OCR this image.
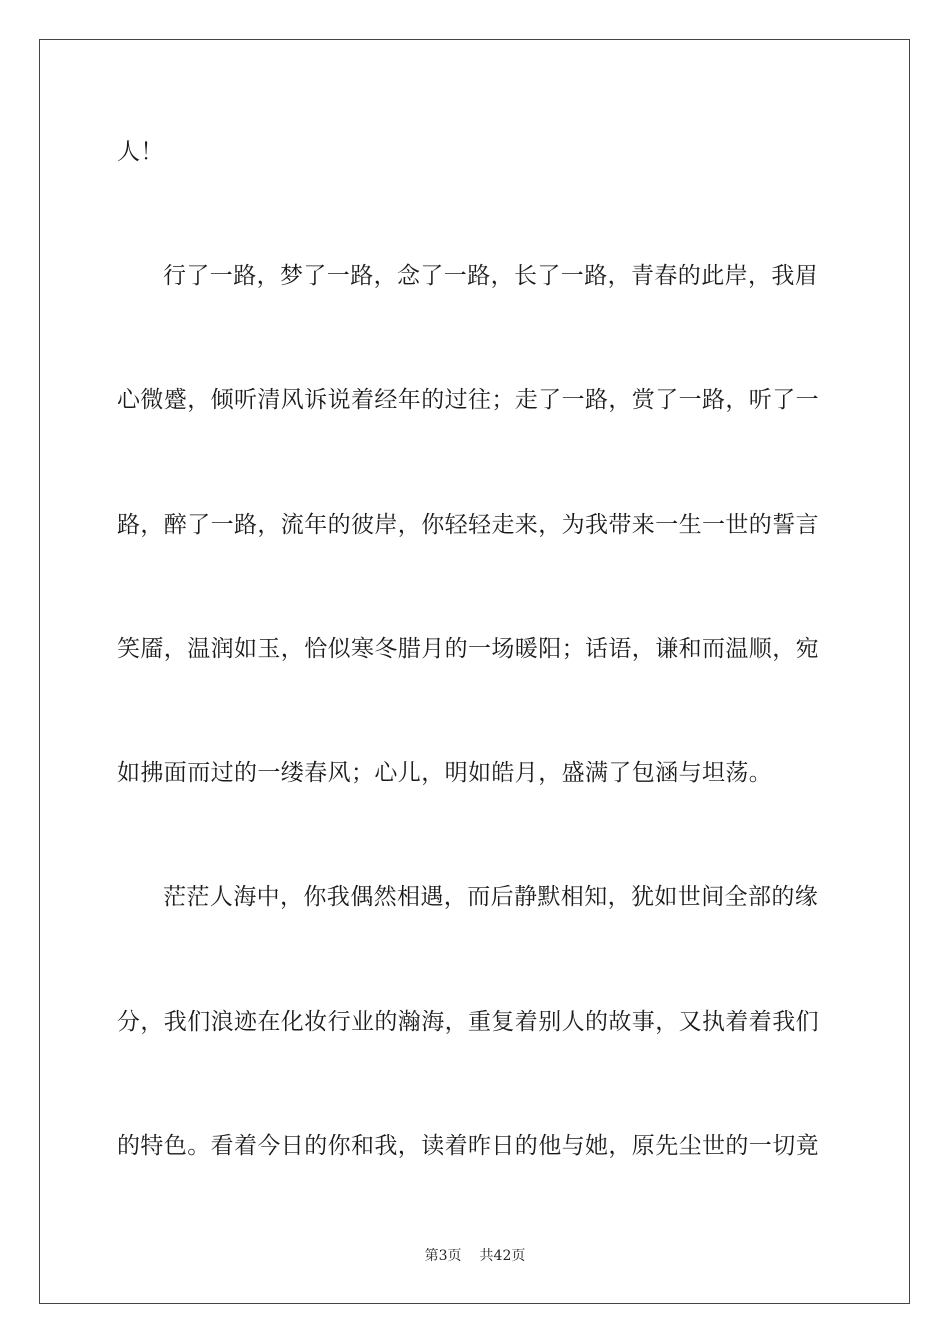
人！
行了一路，梦了一路，念了一路，长了一路，青春的此岸，我眉
心微蹙，倾听清风诉说着经年的过往；走了一路，赏了一路，听了一
路，醉了一路，流年的彼岸，你轻轻走来，为我带来一生一世的誓言
笑靥，温润如玉，恰似寒冬腊月的一场暖阳；话语，谦和而温顺，宛
如拂面而过的一缕春风；心儿，明如皓月，盛满了包涵与坦荡。
茫茫人海中，你我偶然相遇，而后静默相知，犹如世间全部的缘
分，我们浪迹在化妆行业的瀚海，重复着别人的故事，又执着着我们
的特色。看着今日的你和我，读着昨日的他与她，原先尘世的一切竟
第3页 共42页
